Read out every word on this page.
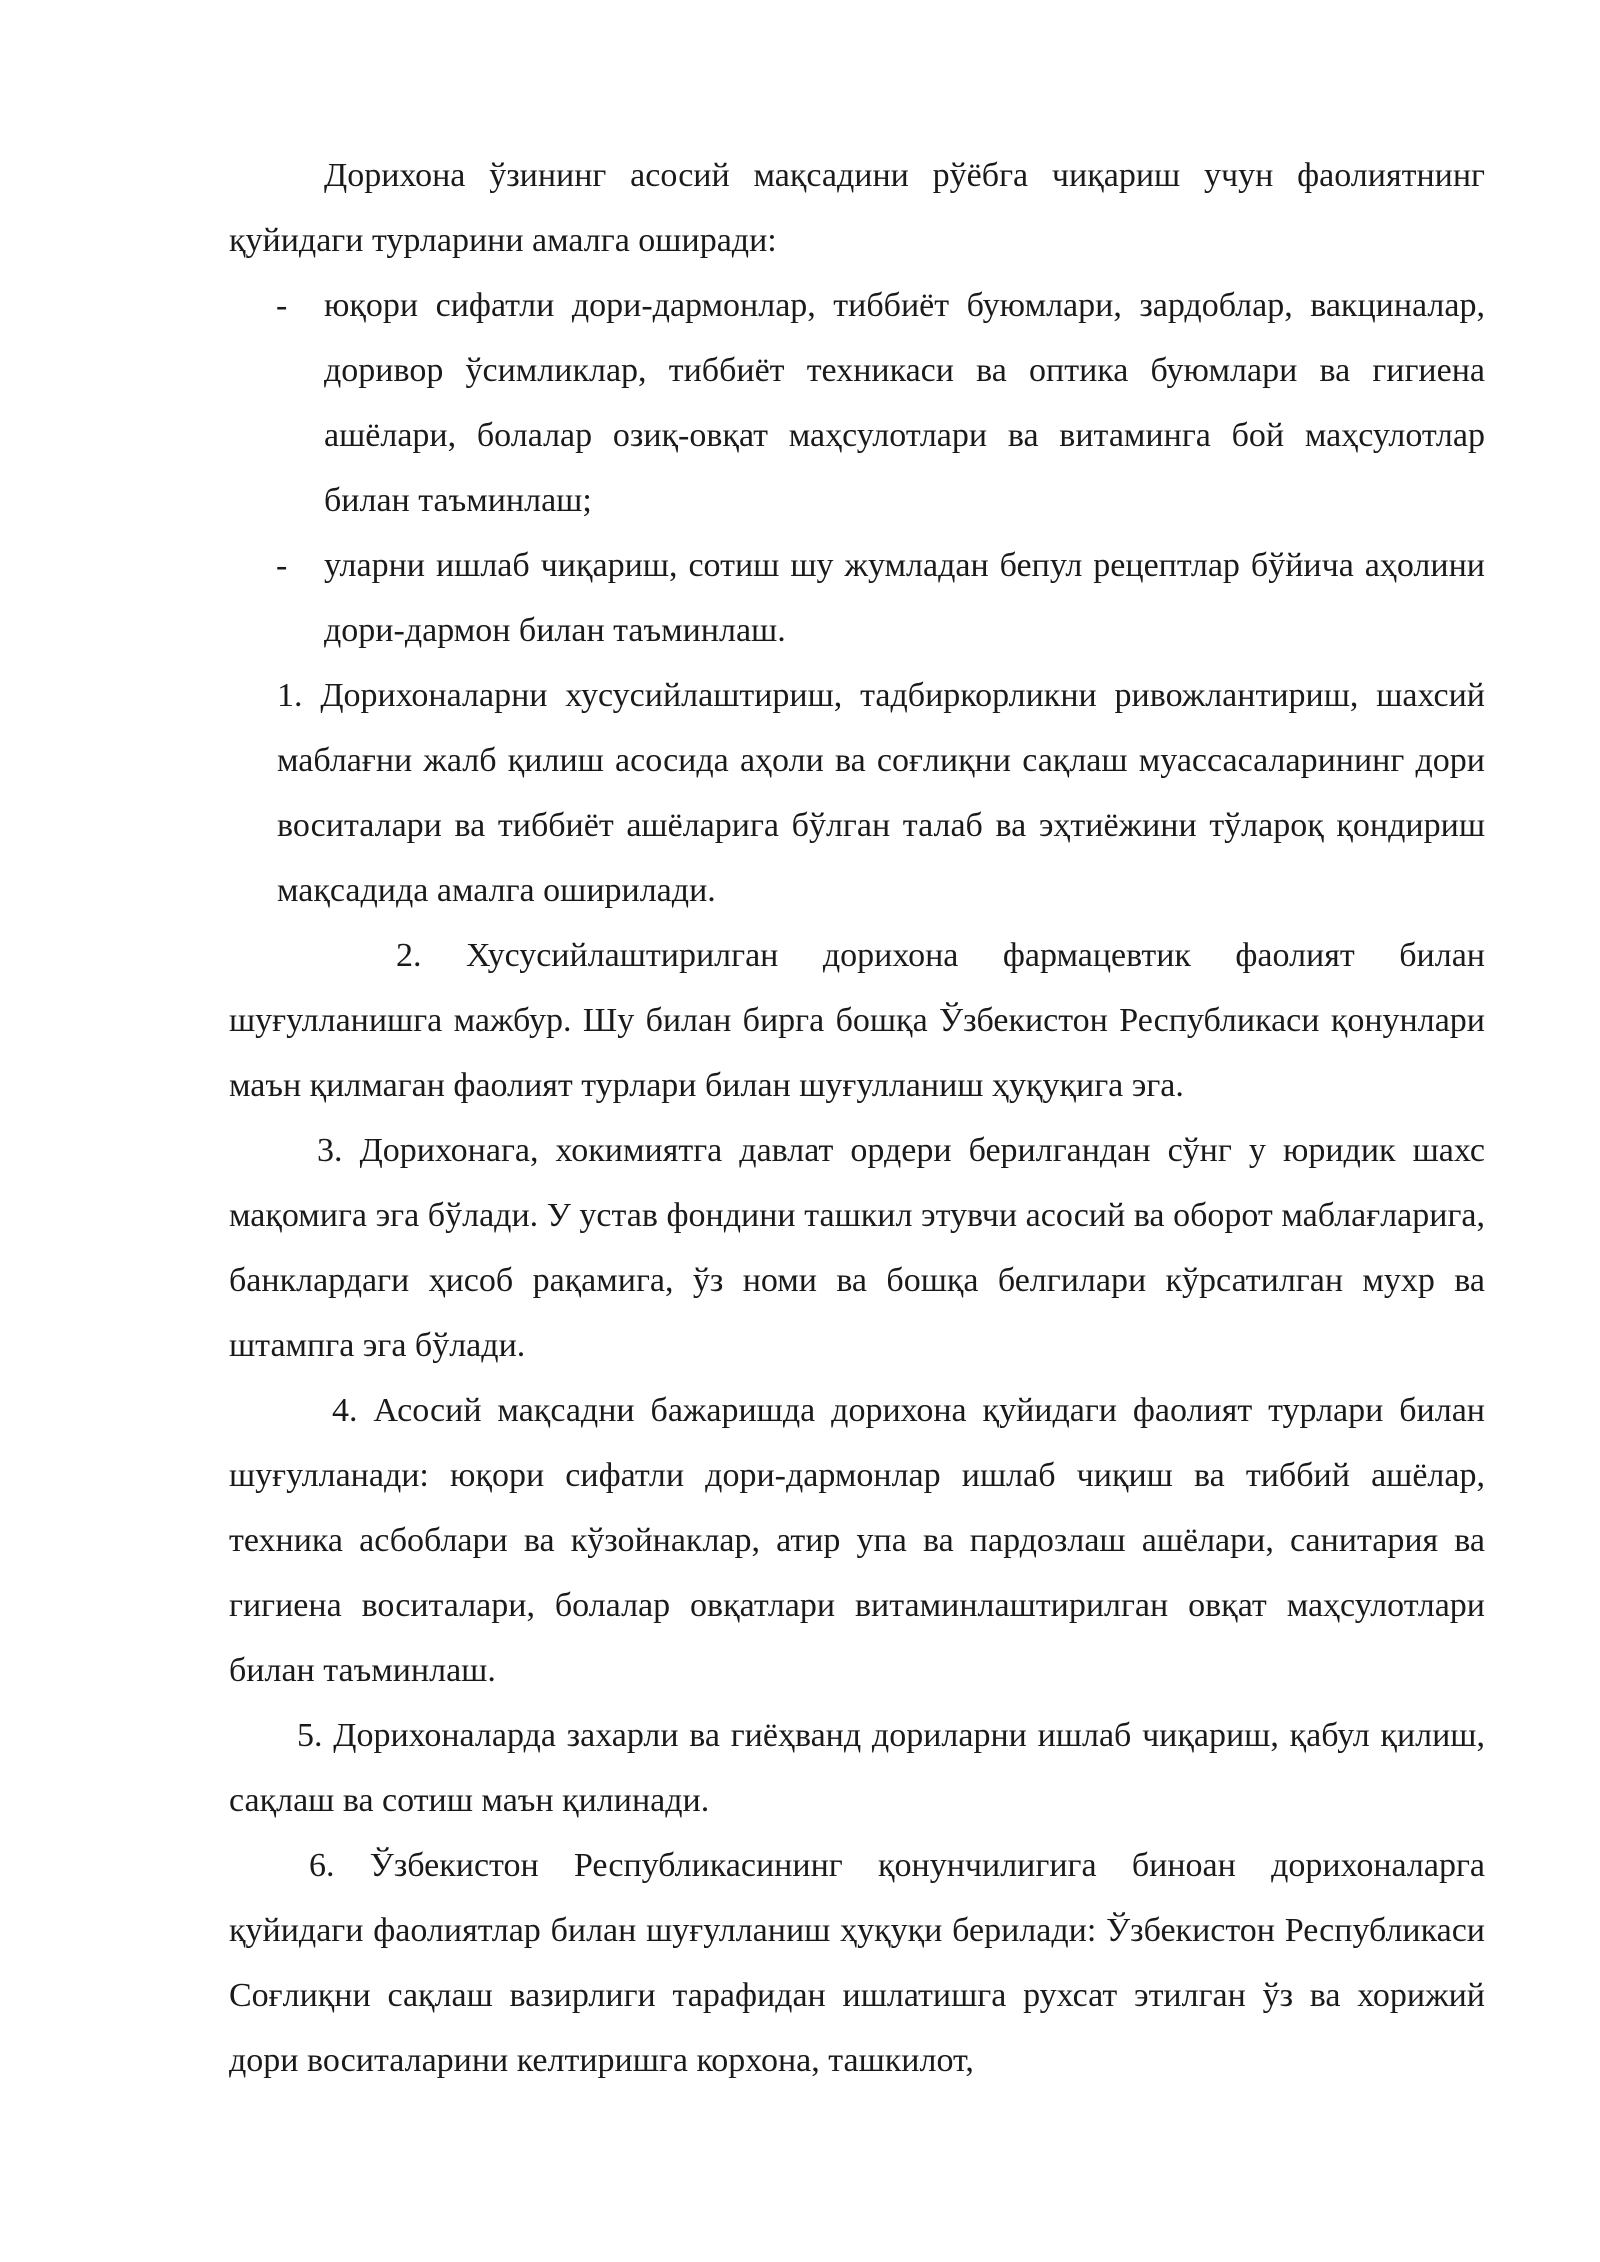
Дорихона ўзининг асосий мақсадини рўёбга чиқариш учун фаолиятнинг қуйидаги турларини амалга оширади:

- юқори сифатли дори-дармонлар, тиббиёт буюмлари, зардоблар, вакциналар, доривор ўсимликлар, тиббиёт техникаси ва оптика буюмлари ва гигиена ашёлари, болалар озиқ-овқат маҳсулотлари ва витаминга бой маҳсулотлар билан таъминлаш;

- уларни ишлаб чиқариш, сотиш шу жумладан бепул рецептлар бўйича аҳолини дори-дармон билан таъминлаш.

1. Дорихоналарни хусусийлаштириш, тадбиркорликни ривожлантириш, шахсий маблағни жалб қилиш асосида аҳоли ва соғлиқни сақлаш муассасаларининг дори воситалари ва тиббиёт ашёларига бўлган талаб ва эҳтиёжини тўлароқ қондириш мақсадида амалга оширилади.

2. Хусусийлаштирилган дорихона фармацевтик фаолият билан шуғулланишга мажбур. Шу билан бирга бошқа Ўзбекистон Республикаси қонунлари маън қилмаган фаолият турлари билан шуғулланиш ҳуқуқига эга.

3. Дорихонага, хокимиятга давлат ордери берилгандан сўнг у юридик шахс мақомига эга бўлади. У устав фондини ташкил этувчи асосий ва оборот маблағларига, банклардаги ҳисоб рақамига, ўз номи ва бошқа белгилари кўрсатилган мухр ва штампга эга бўлади.

4. Асосий мақсадни бажаришда дорихона қуйидаги фаолият турлари билан шуғулланади: юқори сифатли дори-дармонлар ишлаб чиқиш ва тиббий ашёлар, техника асбоблари ва кўзойнаклар, атир упа ва пардозлаш ашёлари, санитария ва гигиена воситалари, болалар овқатлари витаминлаштирилган овқат маҳсулотлари билан таъминлаш.

5. Дорихоналарда захарли ва гиёҳванд дориларни ишлаб чиқариш, қабул қилиш, сақлаш ва сотиш маън қилинади.

6. Ўзбекистон Республикасининг қонунчилигига биноан дорихоналарга қуйидаги фаолиятлар билан шуғулланиш ҳуқуқи берилади: Ўзбекистон Республикаси Соғлиқни сақлаш вазирлиги тарафидан ишлатишга рухсат этилган ўз ва хорижий дори воситаларини келтиришга корхона, ташкилот,
